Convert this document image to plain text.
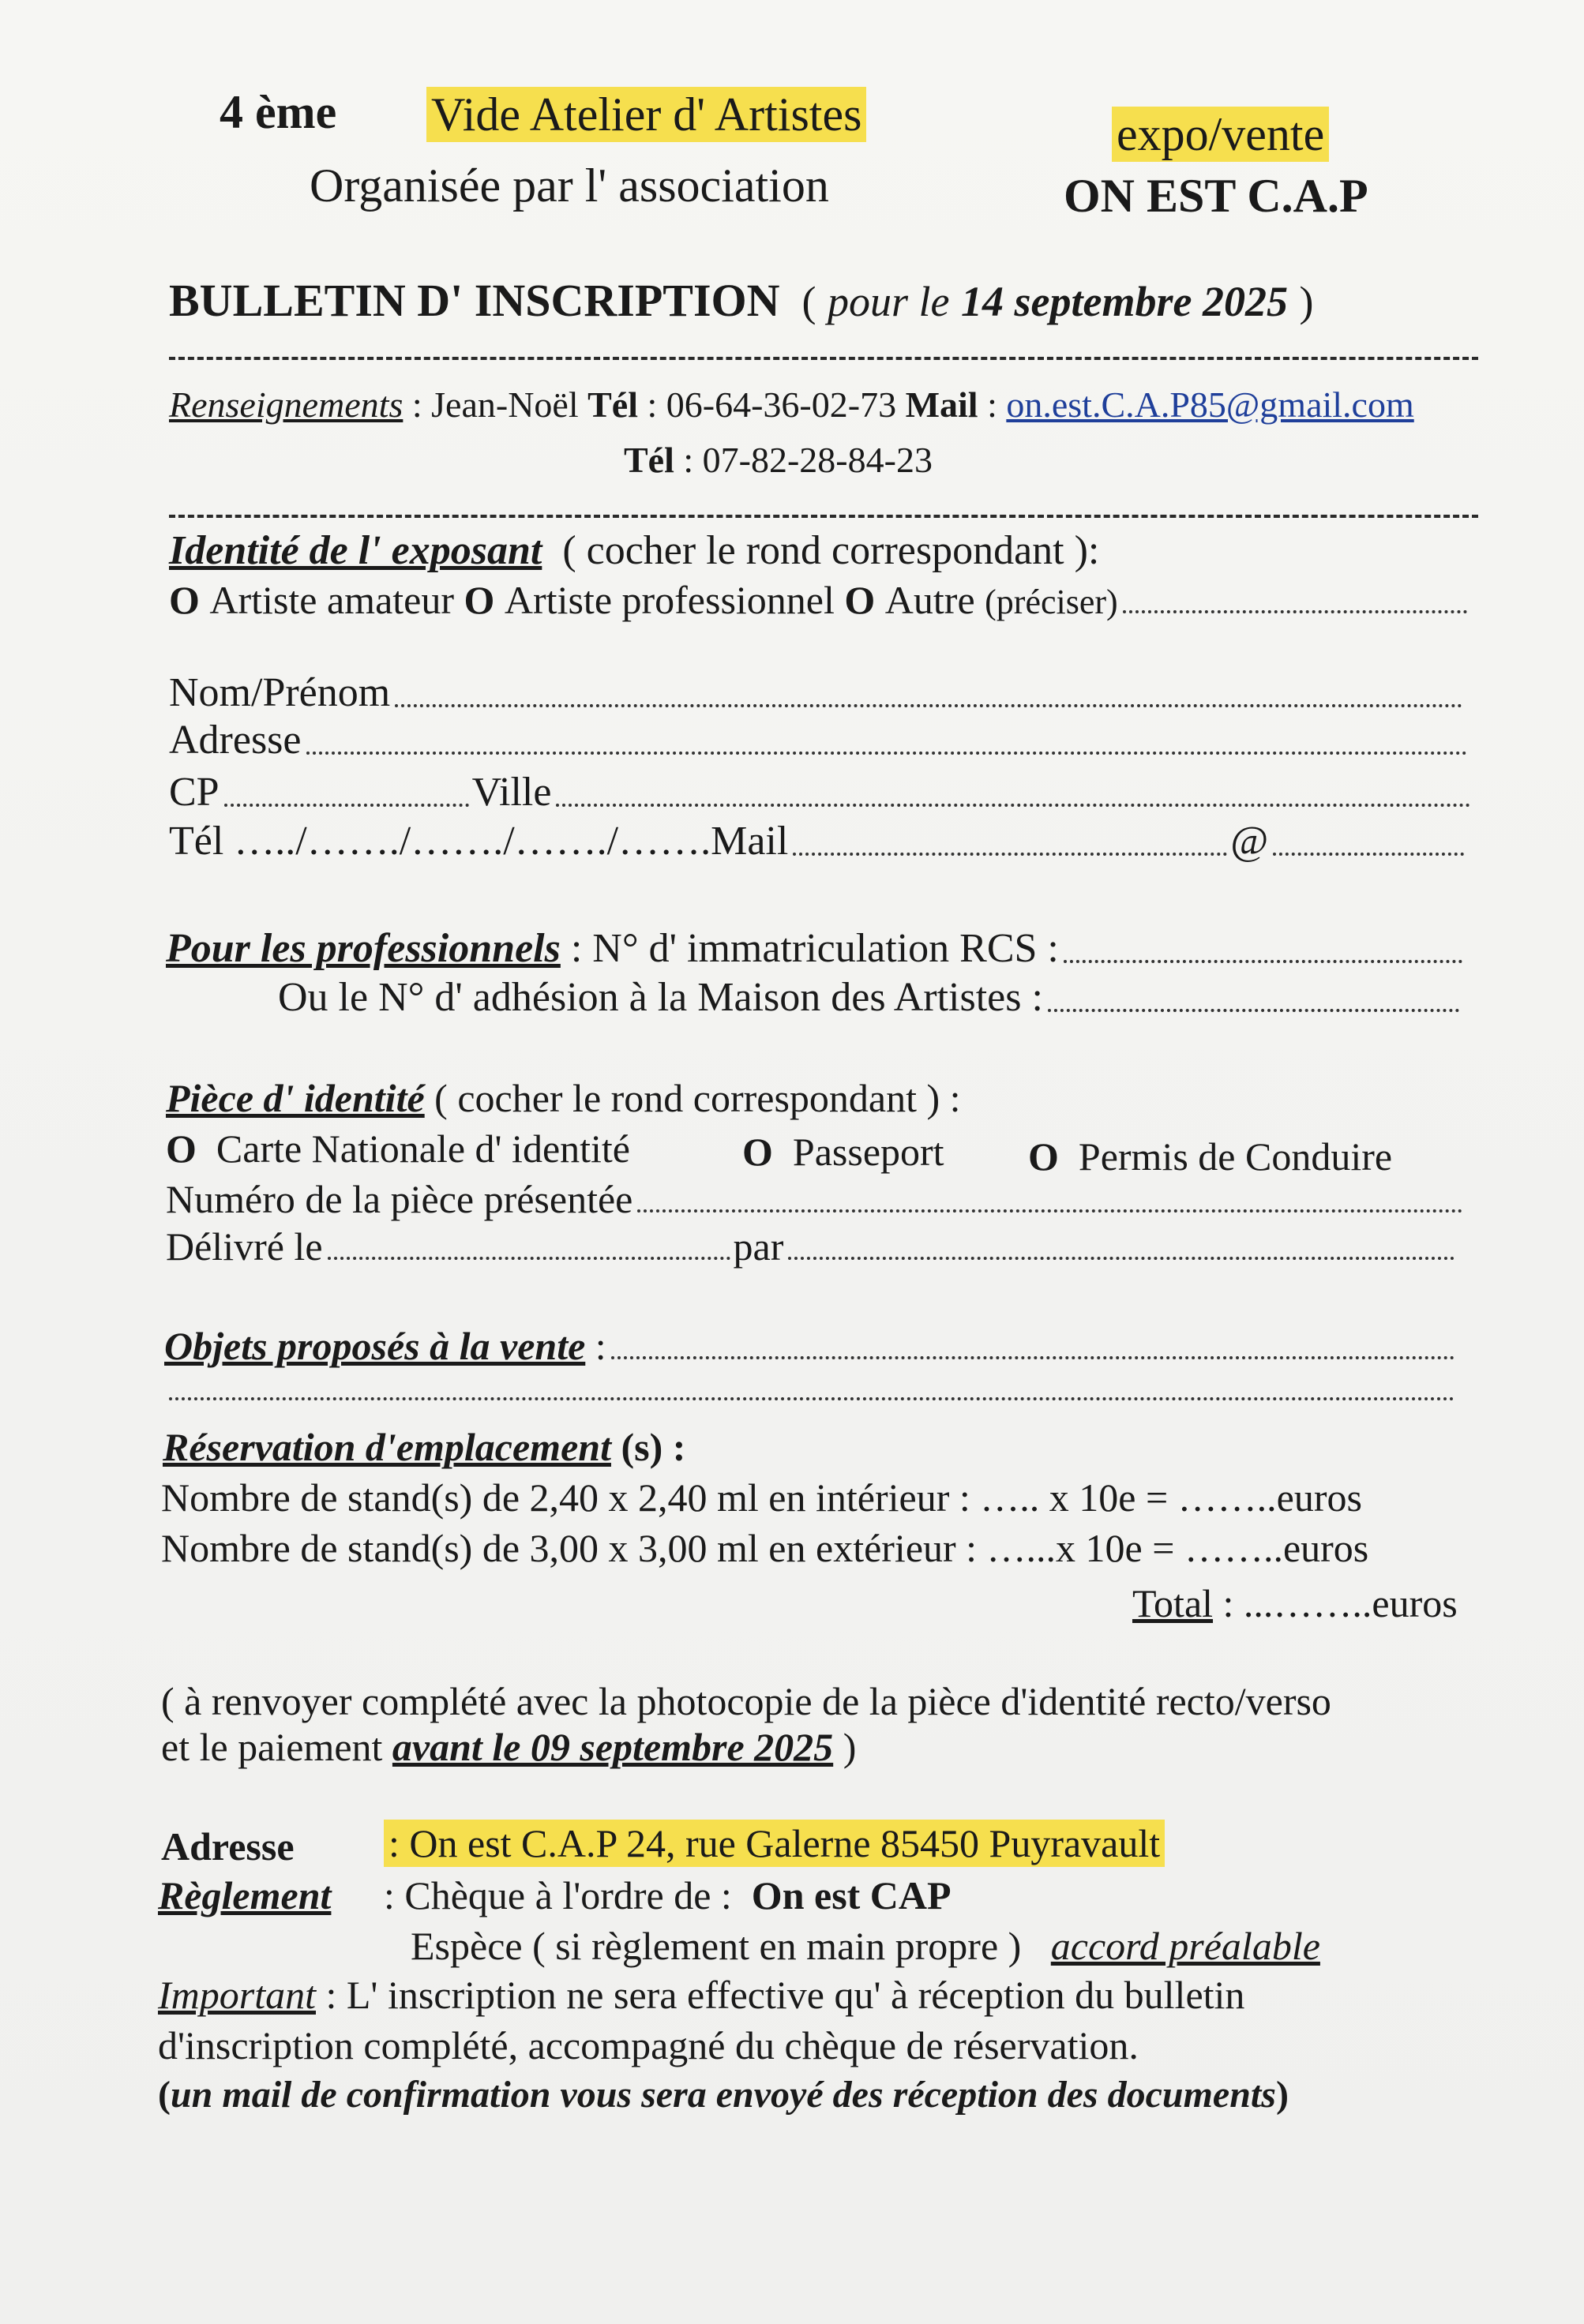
4 ème Vide Atelier d' Artistes	expo/vente
Organisée par l' association	ON EST C.A.P
BULLETIN D' INSCRIPTION ( pour le 14 septembre 2025 )
Renseignements : Jean-Noël Tél : 06-64-36-02-73 Mail : on.est.C.A.P85@gmail.com
Tél : 07-82-28-84-23
Identité de l' exposant ( cocher le rond correspondant ):
O
Artiste amateur
O
Artiste professionnel
O
Autre
(préciser)
Nom/Prénom
Adresse
CP	Ville
Tél
…../……./……./……./……. Mail	@
Pour les professionnels
: N° d' immatriculation RCS :
Ou le N° d' adhésion à la Maison des Artistes :
Pièce d' identité ( cocher le rond correspondant ) :
O Carte Nationale d' identité	O Passeport O Permis de Conduire
Numéro de la pièce présentée
Délivré le	par
Objets proposés à la vente
:
Réservation d'emplacement (s) :
Nombre de stand(s) de 2,40 x 2,40 ml en intérieur : ….. x 10e = ……..euros
Nombre de stand(s) de 3,00 x 3,00 ml en extérieur : …...x 10e = ……..euros
Total : ...……..euros
( à renvoyer complété avec la photocopie de la pièce d'identité recto/verso
et le paiement avant le 09 septembre 2025 )
Adresse : On est C.A.P 24, rue Galerne 85450 Puyravault
Règlement : Chèque à l'ordre de : On est CAP
Espèce ( si règlement en main propre ) accord préalable
Important : L' inscription ne sera effective qu' à réception du bulletin
d'inscription complété, accompagné du chèque de réservation.
(un mail de confirmation vous sera envoyé des réception des documents)
